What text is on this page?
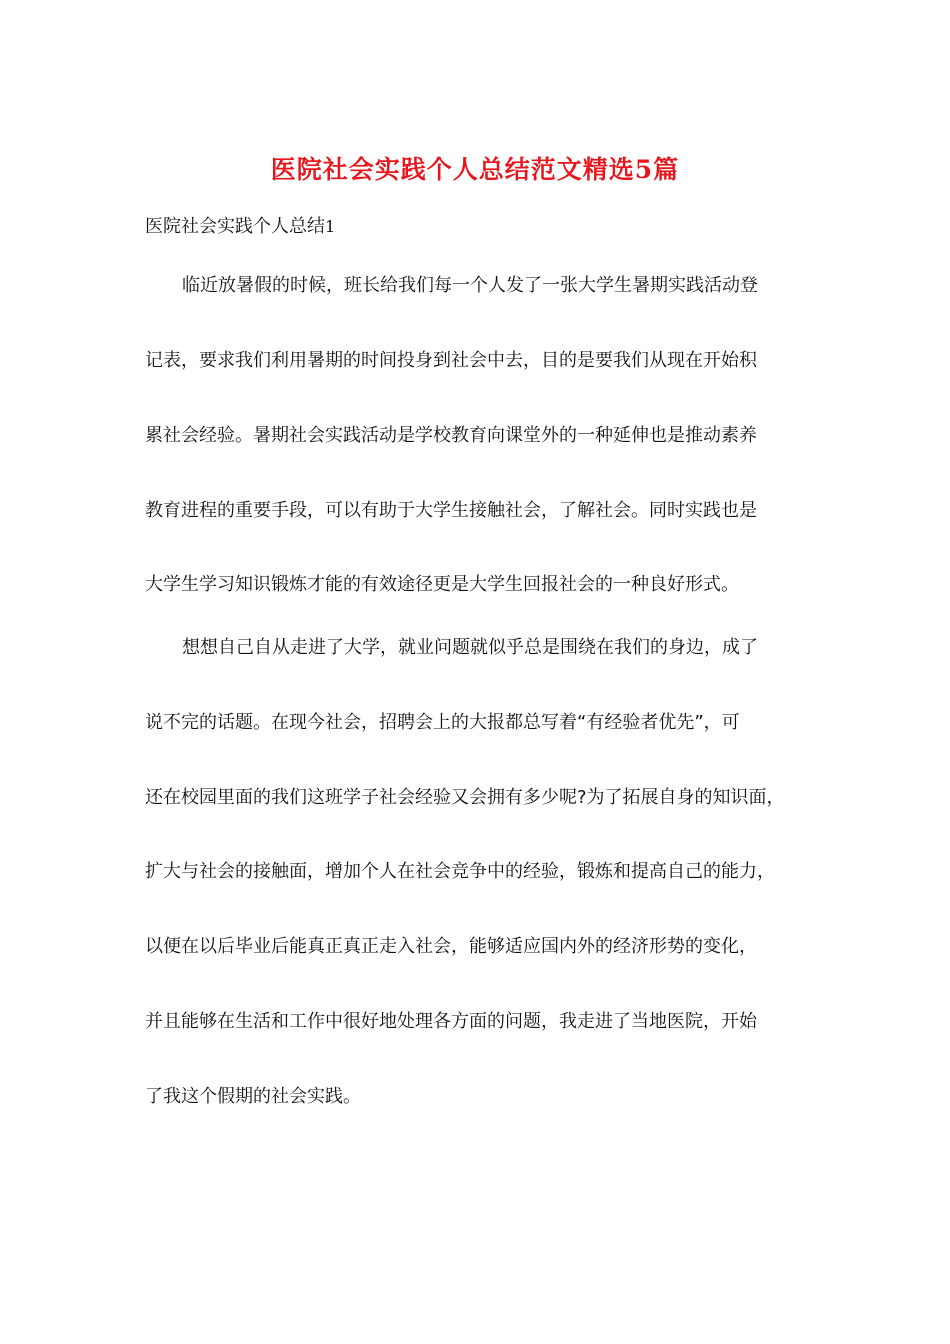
医院社会实践个人总结范文精选5篇

医院社会实践个人总结1

临近放暑假的时候，班长给我们每一个人发了一张大学生暑期实践活动登

记表，要求我们利用暑期的时间投身到社会中去，目的是要我们从现在开始积

累社会经验。暑期社会实践活动是学校教育向课堂外的一种延伸也是推动素养

教育进程的重要手段，可以有助于大学生接触社会，了解社会。同时实践也是

大学生学习知识锻炼才能的有效途径更是大学生回报社会的一种良好形式。

想想自己自从走进了大学，就业问题就似乎总是围绕在我们的身边，成了

说不完的话题。在现今社会，招聘会上的大报都总写着“有经验者优先”，可

还在校园里面的我们这班学子社会经验又会拥有多少呢?为了拓展自身的知识面，

扩大与社会的接触面，增加个人在社会竞争中的经验，锻炼和提高自己的能力，

以便在以后毕业后能真正真正走入社会，能够适应国内外的经济形势的变化，

并且能够在生活和工作中很好地处理各方面的问题，我走进了当地医院，开始

了我这个假期的社会实践。
